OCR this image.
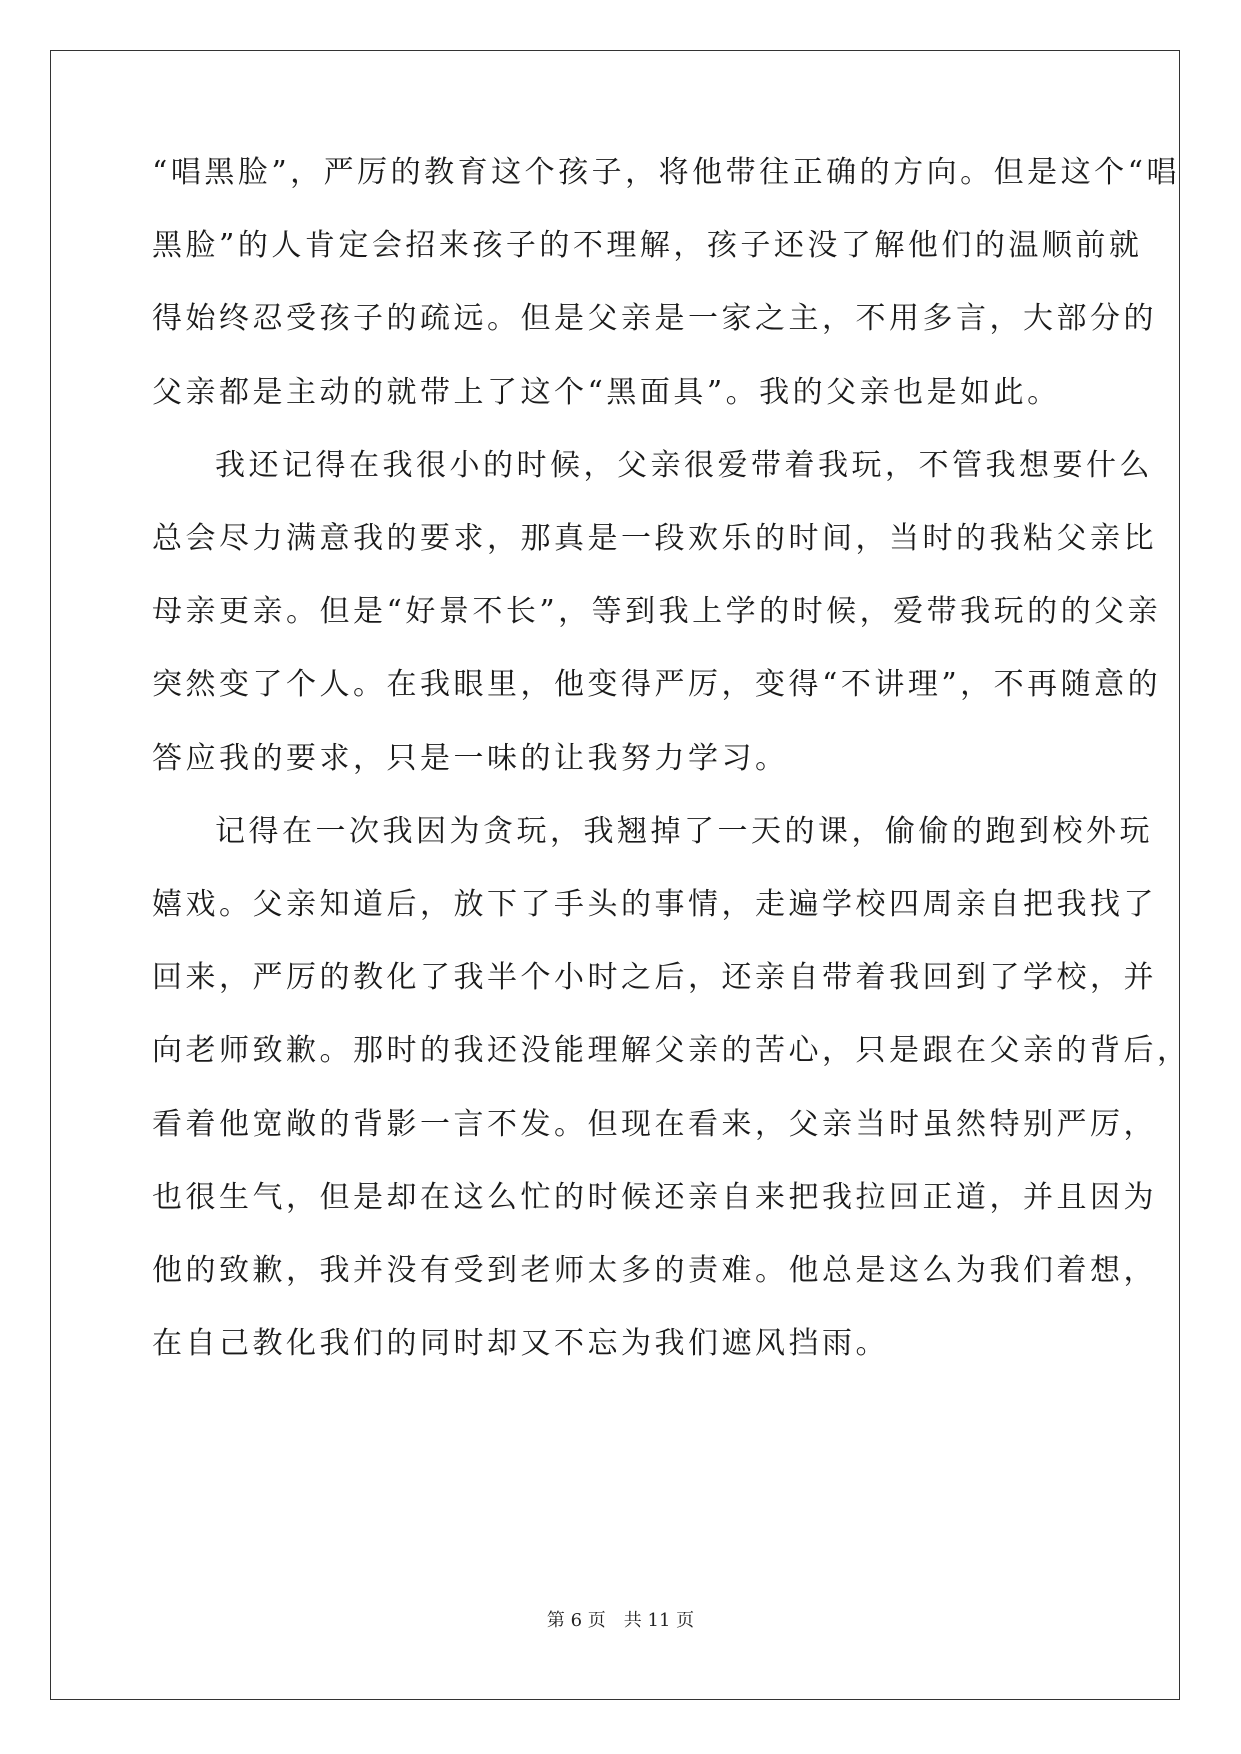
“唱黑脸”，严厉的教育这个孩子，将他带往正确的方向。但是这个“唱
黑脸”的人肯定会招来孩子的不理解，孩子还没了解他们的温顺前就
得始终忍受孩子的疏远。但是父亲是一家之主，不用多言，大部分的
父亲都是主动的就带上了这个“黑面具”。我的父亲也是如此。
我还记得在我很小的时候，父亲很爱带着我玩，不管我想要什么
总会尽力满意我的要求，那真是一段欢乐的时间，当时的我粘父亲比
母亲更亲。但是“好景不长”，等到我上学的时候，爱带我玩的的父亲
突然变了个人。在我眼里，他变得严厉，变得“不讲理”，不再随意的
答应我的要求，只是一味的让我努力学习。
记得在一次我因为贪玩，我翘掉了一天的课，偷偷的跑到校外玩
嬉戏。父亲知道后，放下了手头的事情，走遍学校四周亲自把我找了
回来，严厉的教化了我半个小时之后，还亲自带着我回到了学校，并
向老师致歉。那时的我还没能理解父亲的苦心，只是跟在父亲的背后，
看着他宽敞的背影一言不发。但现在看来，父亲当时虽然特别严厉，
也很生气，但是却在这么忙的时候还亲自来把我拉回正道，并且因为
他的致歉，我并没有受到老师太多的责难。他总是这么为我们着想，
在自己教化我们的同时却又不忘为我们遮风挡雨。
第 6 页　共 11 页
